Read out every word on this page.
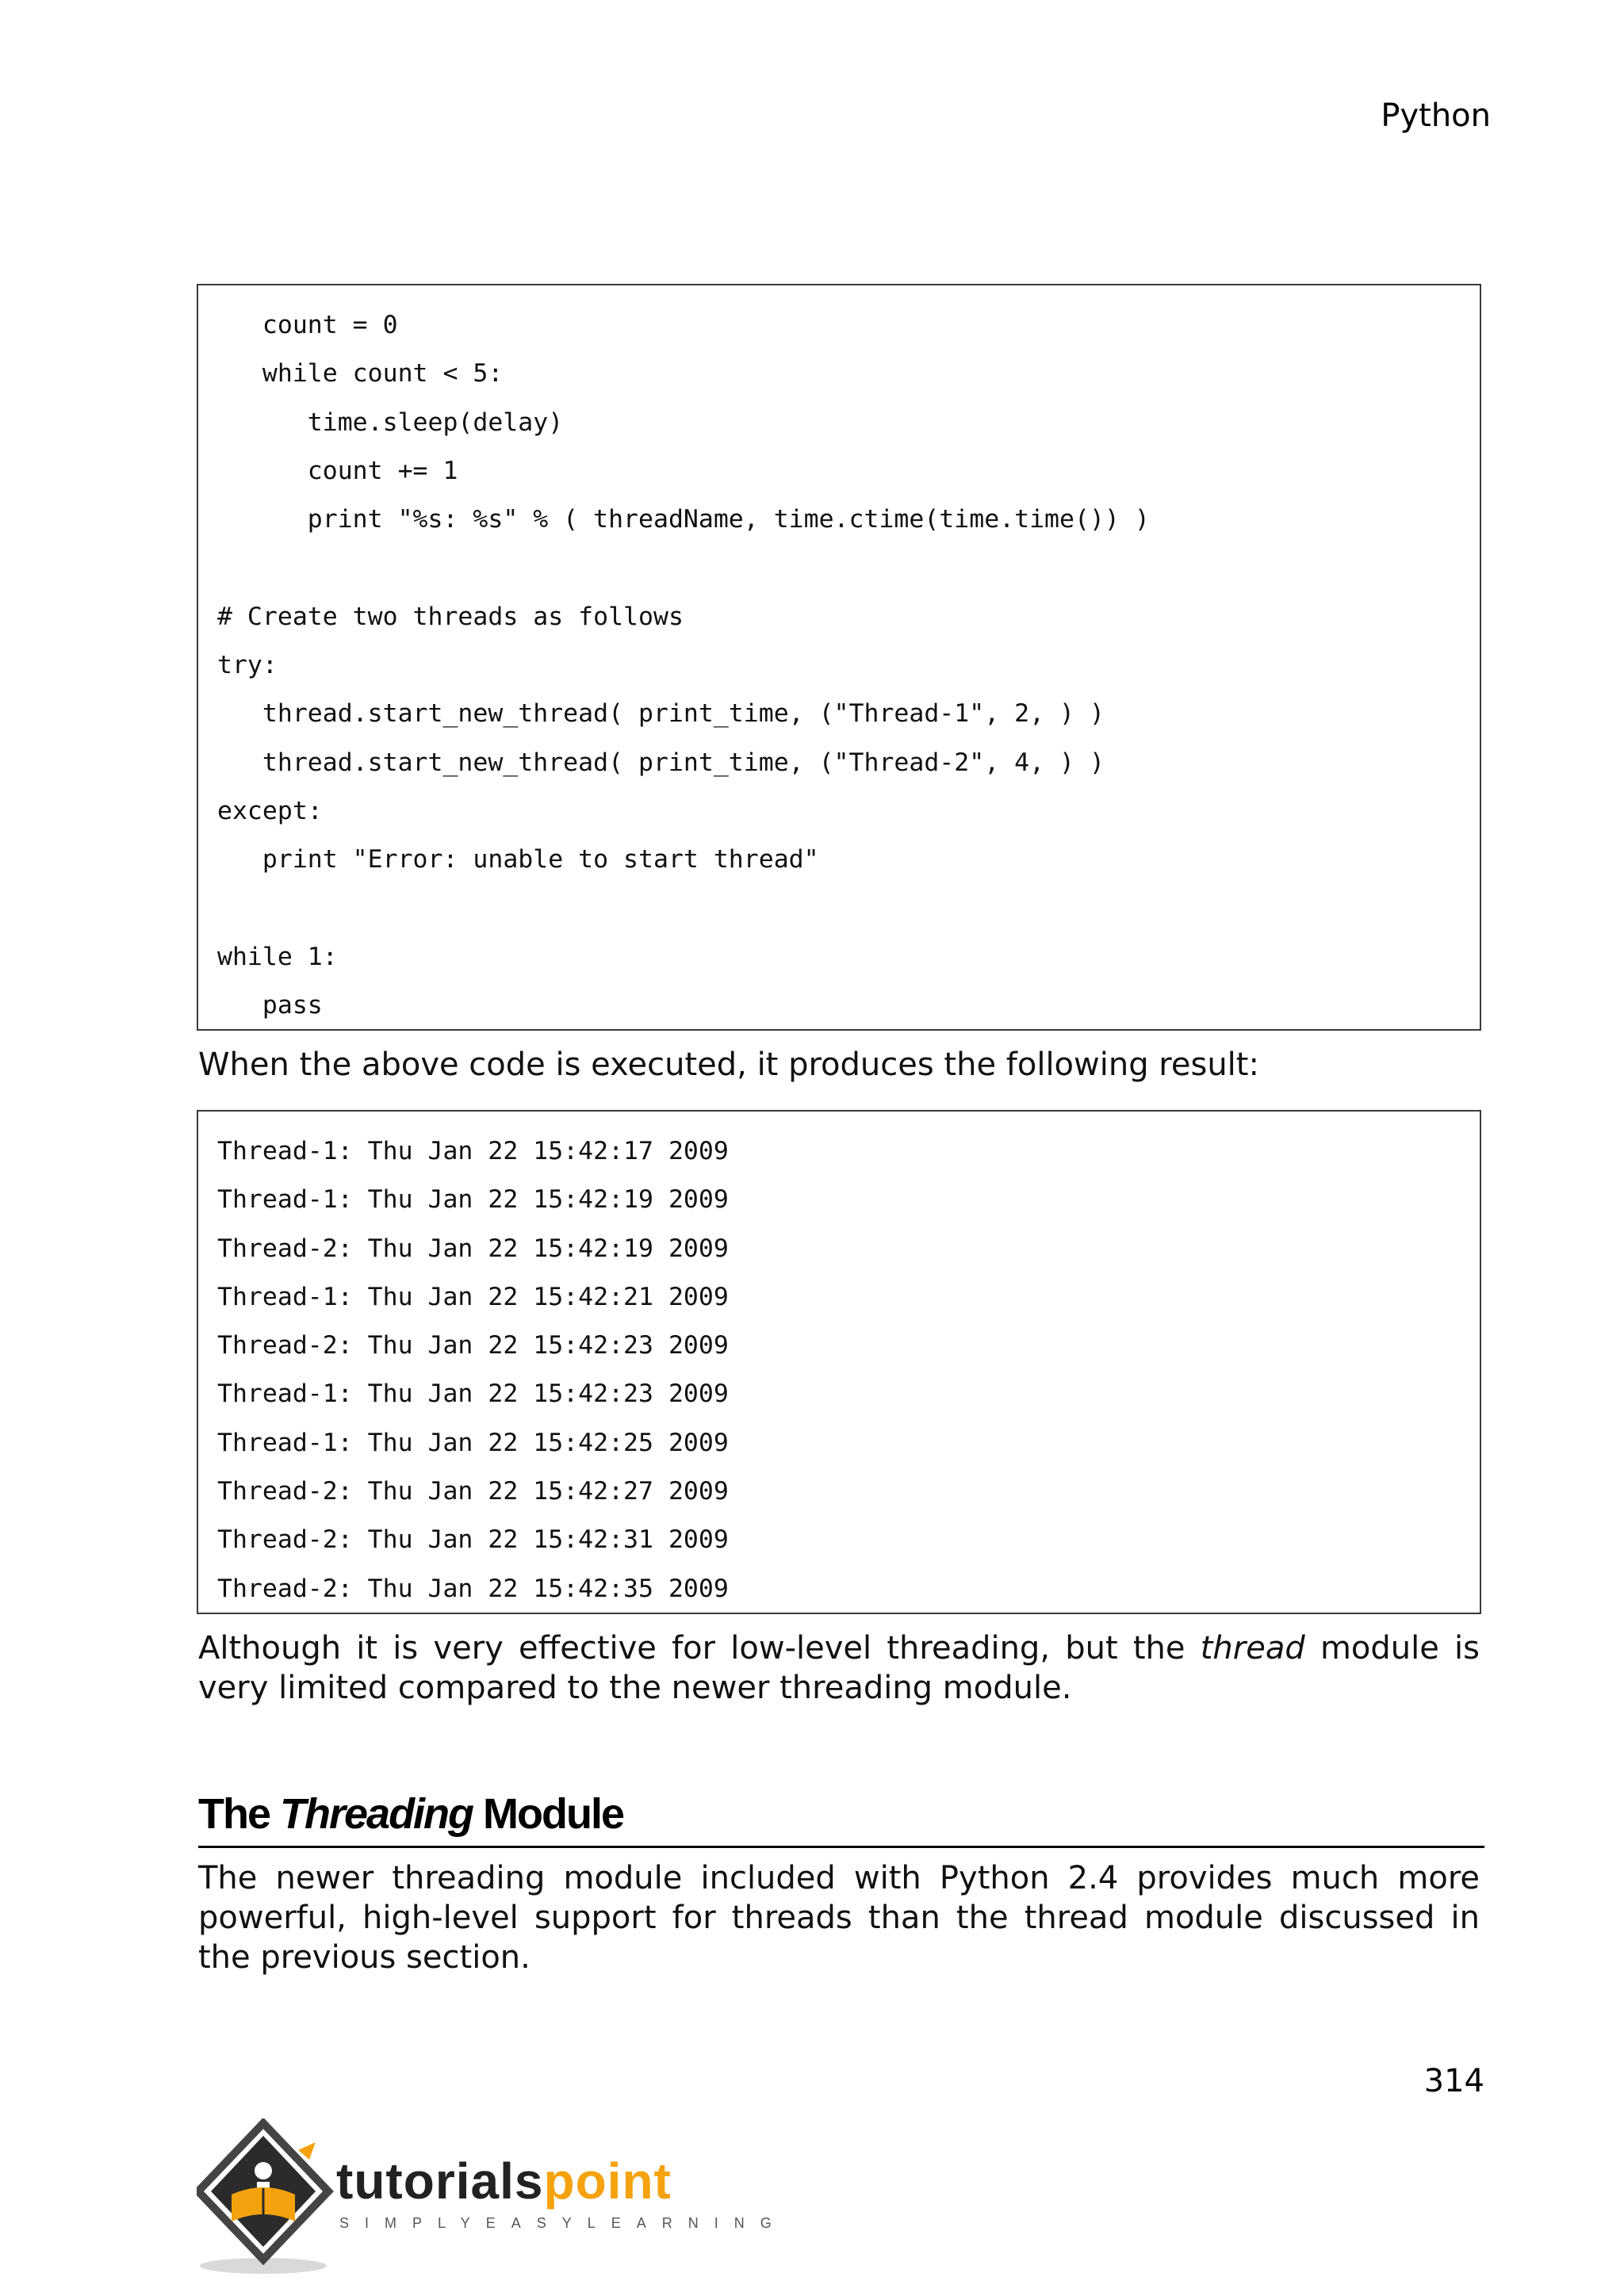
Python
count = 0
while count < 5:
time.sleep(delay)
count += 1
print "%s: %s" % ( threadName, time.ctime(time.time()) )
# Create two threads as follows
try:
thread.start_new_thread( print_time, ("Thread-1", 2, ) )
thread.start_new_thread( print_time, ("Thread-2", 4, ) )
except:
print "Error: unable to start thread"
while 1:
pass

When the above code is executed, it produces the following result:

Thread-1: Thu Jan 22 15:42:17 2009
Thread-1: Thu Jan 22 15:42:19 2009
Thread-2: Thu Jan 22 15:42:19 2009
Thread-1: Thu Jan 22 15:42:21 2009
Thread-2: Thu Jan 22 15:42:23 2009
Thread-1: Thu Jan 22 15:42:23 2009
Thread-1: Thu Jan 22 15:42:25 2009
Thread-2: Thu Jan 22 15:42:27 2009
Thread-2: Thu Jan 22 15:42:31 2009
Thread-2: Thu Jan 22 15:42:35 2009

Although it is very effective for low-level threading, but the thread module is very limited compared to the newer threading module.

The Threading Module

The newer threading module included with Python 2.4 provides much more powerful, high-level support for threads than the thread module discussed in the previous section.

314
tutorialspoint
SIMPLYEASYLEARNING
